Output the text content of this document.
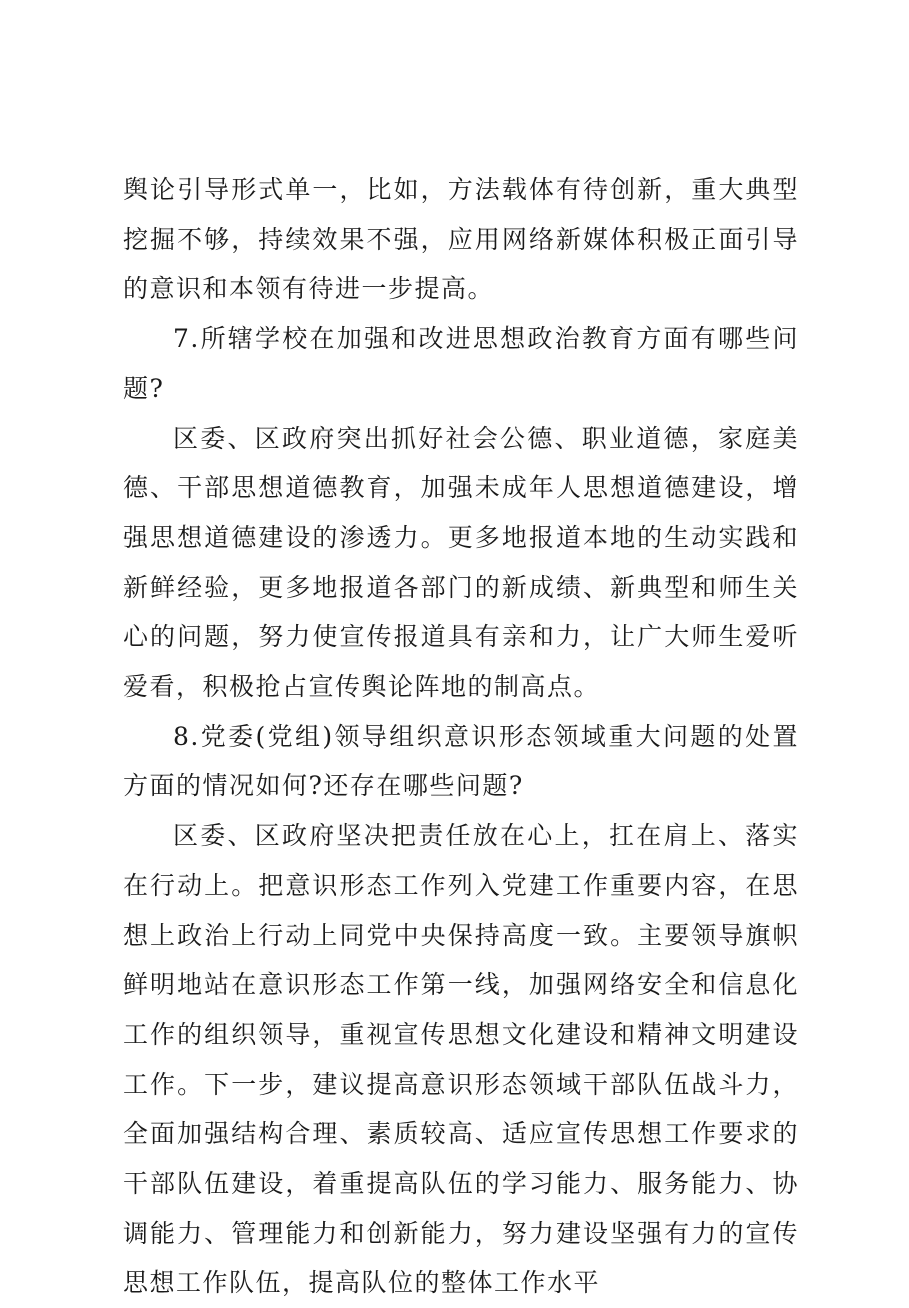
舆论引导形式单一，比如，方法载体有待创新，重大典型挖掘不够，持续效果不强，应用网络新媒体积极正面引导的意识和本领有待进一步提高。

7.所辖学校在加强和改进思想政治教育方面有哪些问题?

区委、区政府突出抓好社会公德、职业道德，家庭美德、干部思想道德教育，加强未成年人思想道德建设，增强思想道德建设的渗透力。更多地报道本地的生动实践和新鲜经验，更多地报道各部门的新成绩、新典型和师生关心的问题，努力使宣传报道具有亲和力，让广大师生爱听爱看，积极抢占宣传舆论阵地的制高点。

8.党委(党组)领导组织意识形态领域重大问题的处置方面的情况如何?还存在哪些问题?

区委、区政府坚决把责任放在心上，扛在肩上、落实在行动上。把意识形态工作列入党建工作重要内容，在思想上政治上行动上同党中央保持高度一致。主要领导旗帜鲜明地站在意识形态工作第一线，加强网络安全和信息化工作的组织领导，重视宣传思想文化建设和精神文明建设工作。下一步，建议提高意识形态领域干部队伍战斗力，全面加强结构合理、素质较高、适应宣传思想工作要求的干部队伍建设，着重提高队伍的学习能力、服务能力、协调能力、管理能力和创新能力，努力建设坚强有力的宣传思想工作队伍，提高队位的整体工作水平
